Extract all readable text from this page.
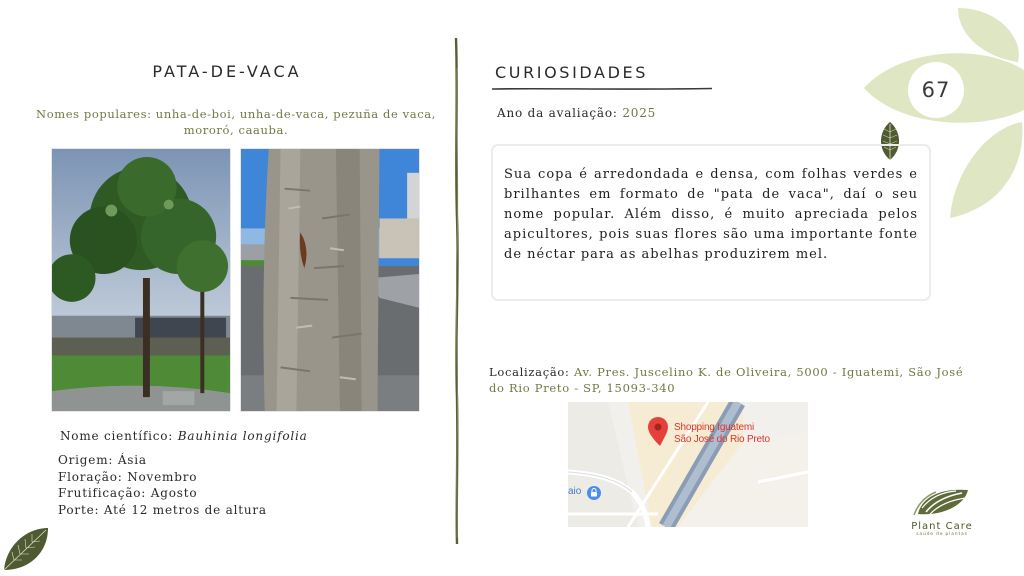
67
PATA-DE-VACA
Nomes populares: unha-de-boi, unha-de-vaca, pezuña de vaca, mororó, caauba.
Nome científico: Bauhinia longifolia
Origem: Ásia
Floração: Novembro
Frutificação: Agosto
Porte: Até 12 metros de altura
CURIOSIDADES
Ano da avaliação: 2025
Sua copa é arredondada e densa, com folhas verdes e brilhantes em formato de "pata de vaca", daí o seu nome popular. Além disso, é muito apreciada pelos apicultores, pois suas flores são uma importante fonte de néctar para as abelhas produzirem mel.
Localização: Av. Pres. Juscelino K. de Oliveira, 5000 - Iguatemi, São José do Rio Preto - SP, 15093-340
Shopping Iguatemi
São José do Rio Preto
aio
Plant Care
saúde de plantas
